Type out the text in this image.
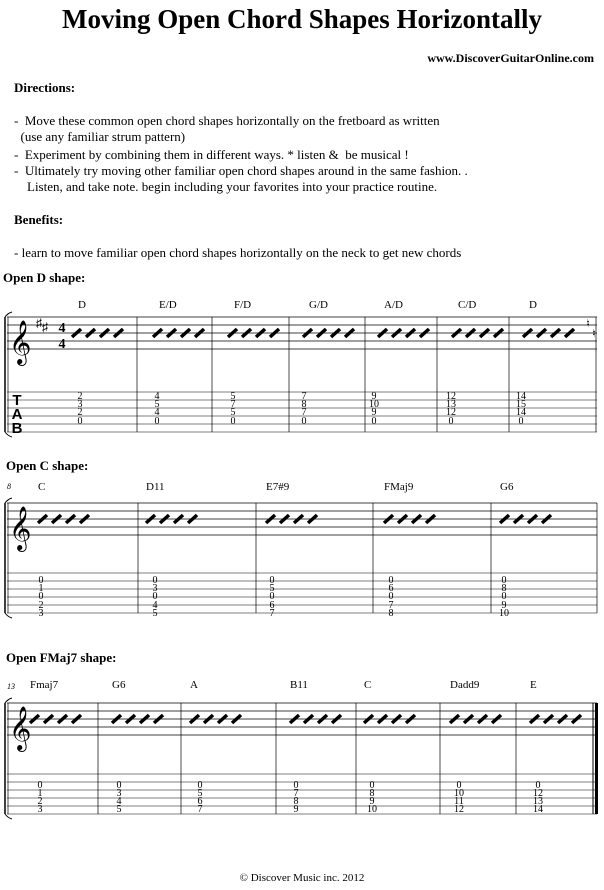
Moving Open Chord Shapes Horizontally
www.DiscoverGuitarOnline.com
Directions:
-  Move these common open chord shapes horizontally on the fretboard as written
(use any familiar strum pattern)
-  Experiment by combining them in different ways. * listen &  be musical !
-  Ultimately try moving other familiar open chord shapes around in the same fashion. .
Listen, and take note. begin including your favorites into your practice routine.
Benefits:
- learn to move familiar open chord shapes horizontally on the neck to get new chords
Open D shape:
Open C shape:
Open FMaj7 shape:
𝄞 ♯ ♯ 4
4
♮
♮
T
A
B
D
2
3
2
0
E/D
4
5
4
0
F/D
5
7
5
0
G/D
7
8
7
0
A/D
9
10
9
0
C/D
12
13
12
0
D
14
15
14
0
𝄞
8 C
0
1
0
2
3
D11
0
3
0
4
5
E7#9
0
5
0
6
7
FMaj9
0
6
0
7
8
G6
0
8
0
9
10
𝄞
13 Fmaj7
0
1
2
3
G6
0
3
4
5
A
0
5
6
7
B11
0
7
8
9
C
0
8
9
10
Dadd9
0
10
11
12
E
0
12
13
14
© Discover Music inc. 2012
